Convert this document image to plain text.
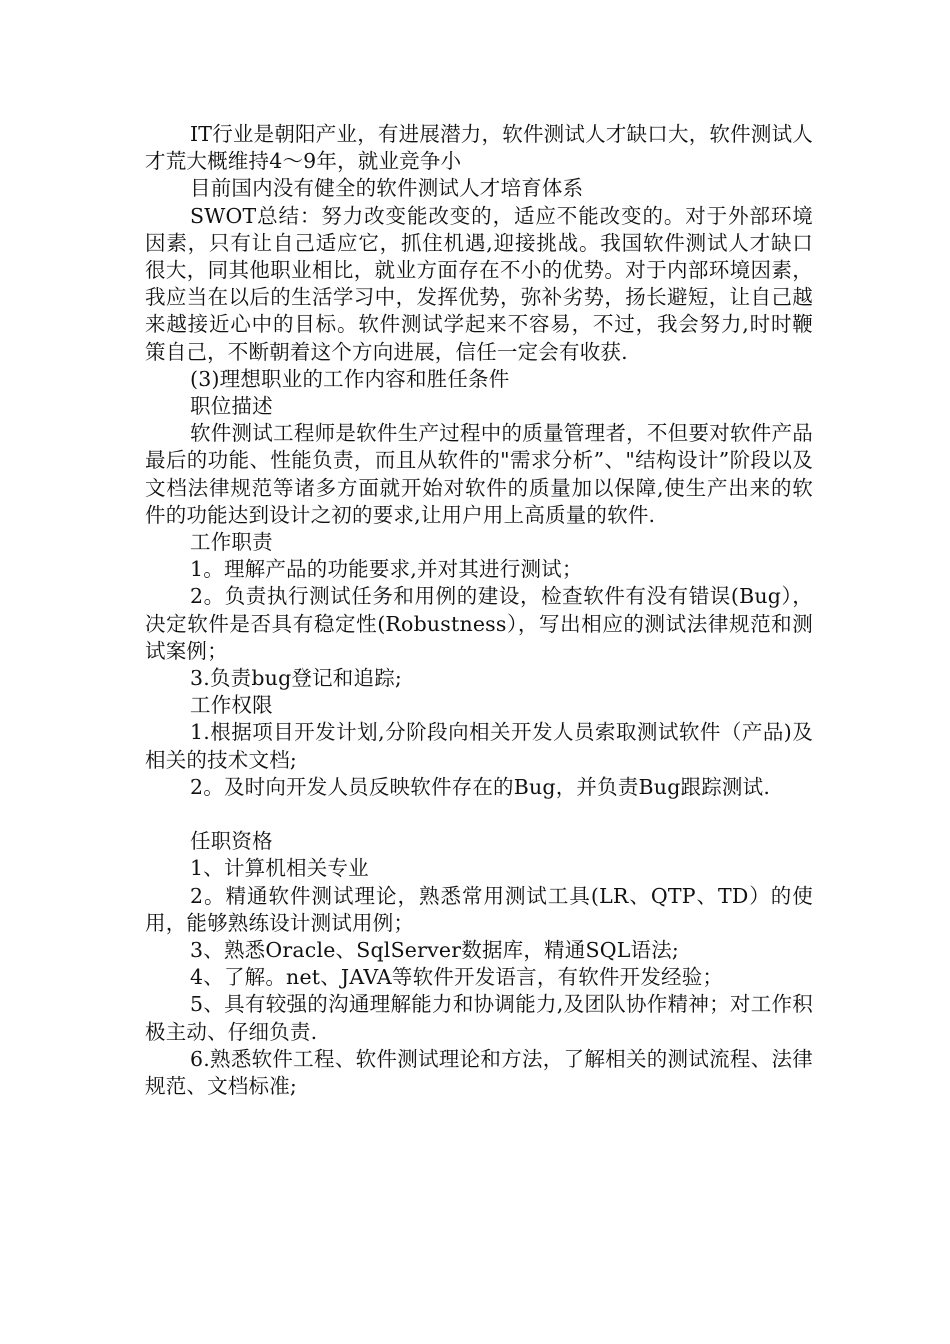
IT行业是朝阳产业，有进展潜力，软件测试人才缺口大，软件测试人才荒大概维持4～9年，就业竞争小

目前国内没有健全的软件测试人才培育体系

SWOT总结：努力改变能改变的，适应不能改变的。对于外部环境因素，只有让自己适应它，抓住机遇,迎接挑战。我国软件测试人才缺口很大，同其他职业相比，就业方面存在不小的优势。对于内部环境因素，我应当在以后的生活学习中，发挥优势，弥补劣势，扬长避短，让自己越来越接近心中的目标。软件测试学起来不容易，不过，我会努力,时时鞭策自己，不断朝着这个方向进展，信任一定会有收获.

(3)理想职业的工作内容和胜任条件

职位描述

软件测试工程师是软件生产过程中的质量管理者，不但要对软件产品最后的功能、性能负责，而且从软件的"需求分析”、"结构设计”阶段以及文档法律规范等诸多方面就开始对软件的质量加以保障,使生产出来的软件的功能达到设计之初的要求,让用户用上高质量的软件.

工作职责

1。理解产品的功能要求,并对其进行测试；

2。负责执行测试任务和用例的建设，检查软件有没有错误(Bug），决定软件是否具有稳定性(Robustness），写出相应的测试法律规范和测试案例；

3.负责bug登记和追踪;

工作权限

1.根据项目开发计划,分阶段向相关开发人员索取测试软件（产品)及相关的技术文档;

2。及时向开发人员反映软件存在的Bug，并负责Bug跟踪测试.

任职资格

1、计算机相关专业

2。精通软件测试理论，熟悉常用测试工具(LR、QTP、TD）的使用，能够熟练设计测试用例；

3、熟悉Oracle、SqlServer数据库，精通SQL语法;

4、了解。net、JAVA等软件开发语言，有软件开发经验；

5、具有较强的沟通理解能力和协调能力,及团队协作精神；对工作积极主动、仔细负责.

6.熟悉软件工程、软件测试理论和方法，了解相关的测试流程、法律规范、文档标准;
